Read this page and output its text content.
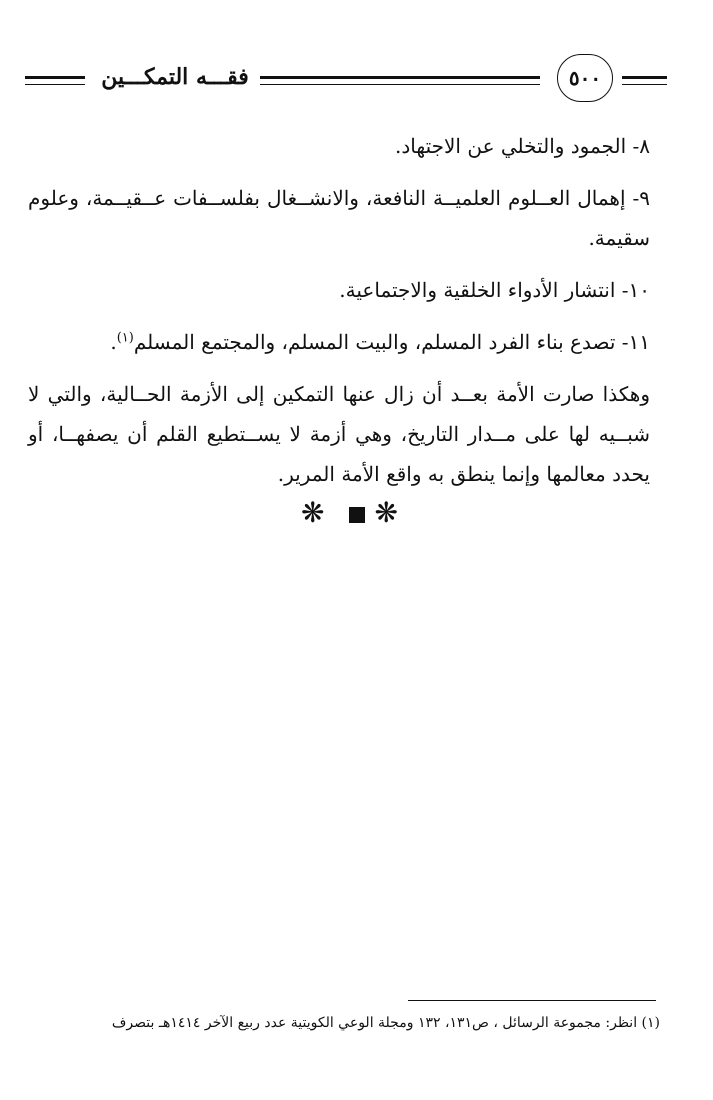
فقـــه التمكـــين	٥٠٠

٨- الجمود والتخلي عن الاجتهاد.

٩- إهمال العــلوم العلميــة النافعة، والانشــغال بفلســفات عــقيــمة، وعلوم سقيمة.

١٠- انتشار الأدواء الخلقية والاجتماعية.

١١- تصدع بناء الفرد المسلم، والبيت المسلم، والمجتمع المسلم$^{(١)}$.

وهكذا صارت الأمة بعــد أن زال عنها التمكين إلى الأزمة الحــالية، والتي لا شبــيه لها على مــدار التاريخ، وهي أزمة لا يســتطيع القلم أن يصفهــا، أو يحدد معالمها وإنما ينطق به واقع الأمة المرير.

❋ ❋
(١) انظر: مجموعة الرسائل ، ص١٣١، ١٣٢ ومجلة الوعي الكويتية عدد ربيع الآخر ١٤١٤هـ بتصرف
